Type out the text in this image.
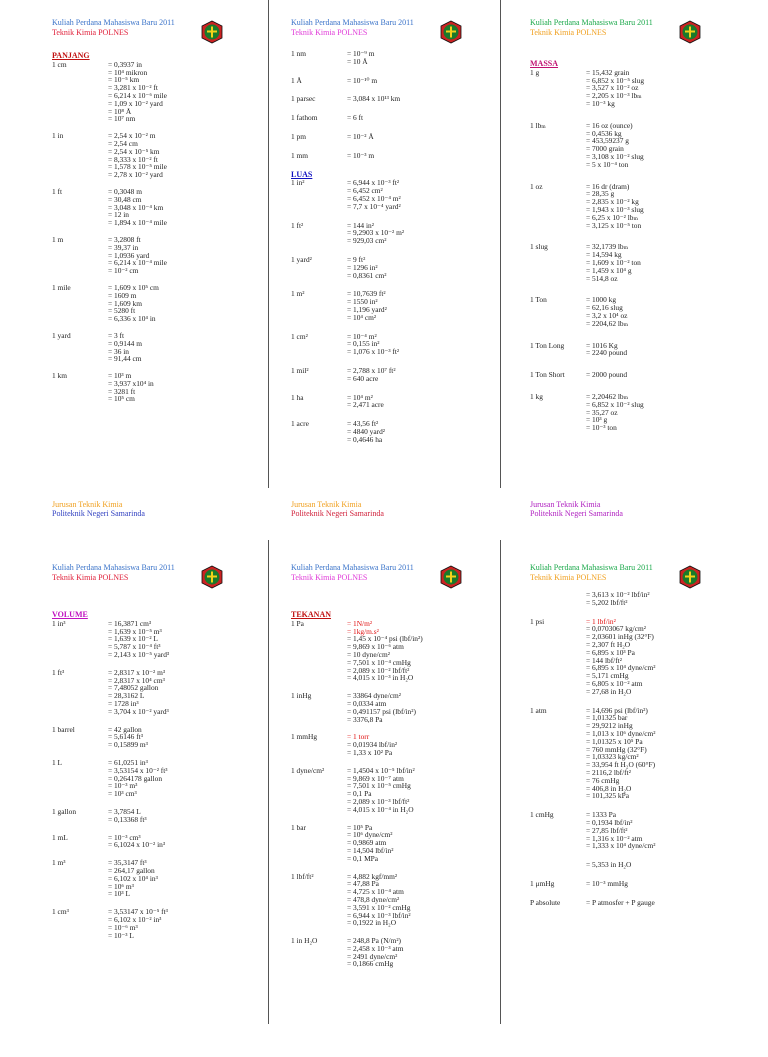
Kuliah Perdana Mahasiswa Baru 2011
Teknik Kimia POLNES
PANJANG
1 cm	= 0,3937 in
= 10⁴ mikron
= 10⁻⁵ km
= 3,281 x 10⁻² ft
= 6,214 x 10⁻⁶ mile
= 1,09 x 10⁻² yard
= 10⁸ Å
= 10⁷ nm
1 in	= 2,54 x 10⁻² m
= 2,54 cm
= 2,54 x 10⁻⁵ km
= 8,333 x 10⁻² ft
= 1,578 x 10⁻⁵ mile
= 2,78 x 10⁻² yard
1 ft	= 0,3048 m
= 30,48 cm
= 3,048 x 10⁻⁴ km
= 12 in
= 1,894 x 10⁻⁴ mile
1 m	= 3,2808 ft
= 39,37 in
= 1,0936 yard
= 6,214 x 10⁻⁴ mile
= 10⁻² cm
1 mile	= 1,609 x 10⁵ cm
= 1609 m
= 1,609 km
= 5280 ft
= 6,336 x 10⁴ in
1 yard	= 3 ft
= 0,9144 m
= 36 in
= 91,44 cm
1 km	= 10³ m
= 3,937 x10⁴ in
= 3281 ft
= 10⁵ cm
Jurusan Teknik Kimia
Politeknik Negeri Samarinda
Kuliah Perdana Mahasiswa Baru 2011
Teknik Kimia POLNES
1 nm	= 10⁻⁹ m
= 10 Å
1 Å	= 10⁻¹⁰ m
1 parsec	= 3,084 x 10¹³ km
1 fathom	= 6 ft
1 pm	= 10⁻² Å
1 mm	= 10⁻³ m
LUAS
1 in²	= 6,944 x 10⁻³ ft²
= 6,452 cm²
= 6,452 x 10⁻⁴ m²
= 7,7 x 10⁻⁴ yard²
1 ft²	= 144 in²
= 9,2903 x 10⁻² m²
= 929,03 cm²
1 yard²	= 9 ft²
= 1296 in²
= 0,8361 cm²
1 m²	= 10,7639 ft²
= 1550 in²
= 1,196 yard²
= 10⁴ cm²
1 cm²	= 10⁻⁴ m²
= 0,155 in²
= 1,076 x 10⁻³ ft²
1 mil²	= 2,788 x 10⁷ ft²
= 640 acre
1 ha	= 10⁴ m²
= 2,471 acre
1 acre	= 43,56 ft²
= 4840 yard²
= 0,4646 ha
Jurusan Teknik Kimia
Politeknik Negeri Samarinda
Kuliah Perdana Mahasiswa Baru 2011
Teknik Kimia POLNES
MASSA
1 g	= 15,432 grain
= 6,852 x 10⁻⁵ slug
= 3,527 x 10⁻² oz
= 2,205 x 10⁻³ lbₘ
= 10⁻³ kg
1 lbₘ	= 16 oz (ounce)
= 0,4536 kg
= 453,59237 g
= 7000 grain
= 3,108 x 10⁻² slug
= 5 x 10⁻⁴ ton
1 oz	= 16 dr (dram)
= 28,35 g
= 2,835 x 10⁻² kg
= 1,943 x 10⁻³ slug
= 6,25 x 10⁻² lbₘ
= 3,125 x 10⁻⁵ ton
1 slug	= 32,1739 lbₘ
= 14,594 kg
= 1,609 x 10⁻² ton
= 1,459 x 10⁴ g
= 514,8 oz
1 Ton	= 1000 kg
= 62,16 slug
= 3,2 x 10⁴ oz
= 2204,62 lbₘ
1 Ton Long	= 1016 Kg
= 2240 pound
1 Ton Short	= 2000 pound
1 kg	= 2,20462 lbₘ
= 6,852 x 10⁻² slug
= 35,27 oz
= 10³ g
= 10⁻³ ton
Jurusan Teknik Kimia
Politeknik Negeri Samarinda
Kuliah Perdana Mahasiswa Baru 2011
Teknik Kimia POLNES
VOLUME
1 in³	= 16,3871 cm³
= 1,639 x 10⁻⁵ m³
= 1,639 x 10⁻² L
= 5,787 x 10⁻⁴ ft³
= 2,143 x 10⁻⁵ yard³
1 ft³	= 2,8317 x 10⁻² m³
= 2,8317 x 10⁴ cm³
= 7,48052 gallon
= 28,3162 L
= 1728 in³
= 3,704 x 10⁻² yard³
1 barrel	= 42 gallon
= 5,6146 ft³
= 0,15899 m³
1 L	= 61,0251 in³
= 3,53154 x 10⁻² ft³
= 0,264178 gallon
= 10⁻³ m³
= 10³ cm³
1 gallon	= 3,7854 L
= 0,13368 ft³
1 mL	= 10⁻³ cm³
= 6,1024 x 10⁻² in³
1 m³	= 35,3147 ft³
= 264,17 gallon
= 6,102 x 10⁴ in³
= 10⁶ m³
= 10³ L
1 cm³	= 3,53147 x 10⁻⁵ ft³
= 6,102 x 10⁻² in³
= 10⁻⁶ m³
= 10⁻³ L
Kuliah Perdana Mahasiswa Baru 2011
Teknik Kimia POLNES
TEKANAN
1 Pa	= 1N/m²
= 1kg/m.s²
= 1,45 x 10⁻⁴ psi (lbf/in²)
= 9,869 x 10⁻⁶ atm
= 10 dyne/cm²
= 7,501 x 10⁻⁴ cmHg
= 2,089 x 10⁻² lbf/ft²
= 4,015 x 10⁻³ in H₂O
1 inHg	= 33864 dyne/cm²
= 0,0334 atm
= 0,491157 psi (lbf/in²)
= 3376,8 Pa
1 mmHg	= 1 torr
= 0,01934 lbf/in²
= 1,33 x 10² Pa
1 dyne/cm²	= 1,4504 x 10⁻⁵ lbf/in²
= 9,869 x 10⁻⁷ atm
= 7,501 x 10⁻⁵ cmHg
= 0,1 Pa
= 2,089 x 10⁻³ lbf/ft²
= 4,015 x 10⁻⁴ in H₂O
1 bar	= 10⁵ Pa
= 10⁶ dyne/cm²
= 0,9869 atm
= 14,504 lbf/in²
= 0,1 MPa
1 lbf/ft²	= 4,882 kgf/mm²
= 47,88 Pa
= 4,725 x 10⁻⁴ atm
= 478,8 dyne/cm²
= 3,591 x 10⁻² cmHg
= 6,944 x 10⁻³ lbf/in²
= 0,1922 in H₂O
1 in H₂O	= 248,8 Pa (N/m²)
= 2,458 x 10⁻³ atm
= 2491 dyne/cm²
= 0,1866 cmHg
Kuliah Perdana Mahasiswa Baru 2011
Teknik Kimia POLNES
= 3,613 x 10⁻² lbf/in²
= 5,202 lbf/ft²
1 psi	= 1 lbf/in²
= 0,0703067 kg/cm²
= 2,03601 inHg (32°F)
= 2,307 ft H₂O
= 6,895 x 10³ Pa
= 144 lbf/ft²
= 6,895 x 10⁴ dyne/cm²
= 5,171 cmHg
= 6,805 x 10⁻² atm
= 27,68 in H₂O
1 atm	= 14,696 psi (lbf/in²)
= 1,01325 bar
= 29,9212 inHg
= 1,013 x 10⁶ dyne/cm²
= 1,01325 x 10⁵ Pa
= 760 mmHg (32°F)
= 1,03323 kg/cm²
= 33,954 ft H₂O (60°F)
= 2116,2 lbf/ft²
= 76 cmHg
= 406,8 in H₂O
= 101,325 kPa
1 cmHg	= 1333 Pa
= 0,1934 lbf/in²
= 27,85 lbf/ft²
= 1,316 x 10⁻² atm
= 1,333 x 10⁴ dyne/cm²
= 5,353 in H₂O
1 μmHg	= 10⁻³ mmHg
P absolute	= P atmosfer + P gauge
